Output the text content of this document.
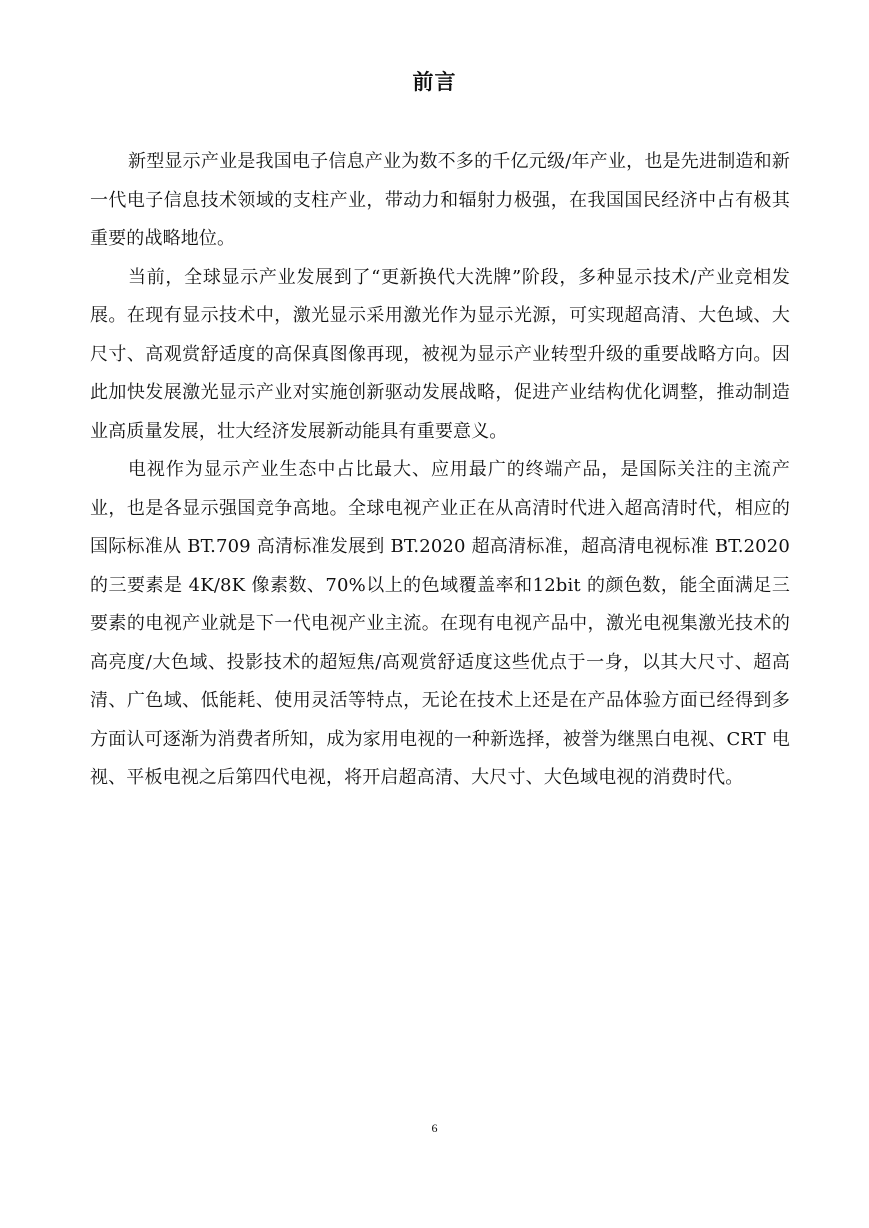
前言

新型显示产业是我国电子信息产业为数不多的千亿元级/年产业，也是先进制造和新一代电子信息技术领域的支柱产业，带动力和辐射力极强，在我国国民经济中占有极其重要的战略地位。

当前，全球显示产业发展到了“更新换代大洗牌”阶段，多种显示技术/产业竞相发展。在现有显示技术中，激光显示采用激光作为显示光源，可实现超高清、大色域、大尺寸、高观赏舒适度的高保真图像再现，被视为显示产业转型升级的重要战略方向。因此加快发展激光显示产业对实施创新驱动发展战略，促进产业结构优化调整，推动制造业高质量发展，壮大经济发展新动能具有重要意义。

电视作为显示产业生态中占比最大、应用最广的终端产品，是国际关注的主流产业，也是各显示强国竞争高地。全球电视产业正在从高清时代进入超高清时代，相应的国际标准从 BT.709 高清标准发展到 BT.2020 超高清标准，超高清电视标准 BT.2020 的三要素是 4K/8K 像素数、70%以上的色域覆盖率和12bit 的颜色数，能全面满足三要素的电视产业就是下一代电视产业主流。在现有电视产品中，激光电视集激光技术的高亮度/大色域、投影技术的超短焦/高观赏舒适度这些优点于一身，以其大尺寸、超高清、广色域、低能耗、使用灵活等特点，无论在技术上还是在产品体验方面已经得到多方面认可逐渐为消费者所知，成为家用电视的一种新选择，被誉为继黑白电视、CRT 电视、平板电视之后第四代电视，将开启超高清、大尺寸、大色域电视的消费时代。

6
